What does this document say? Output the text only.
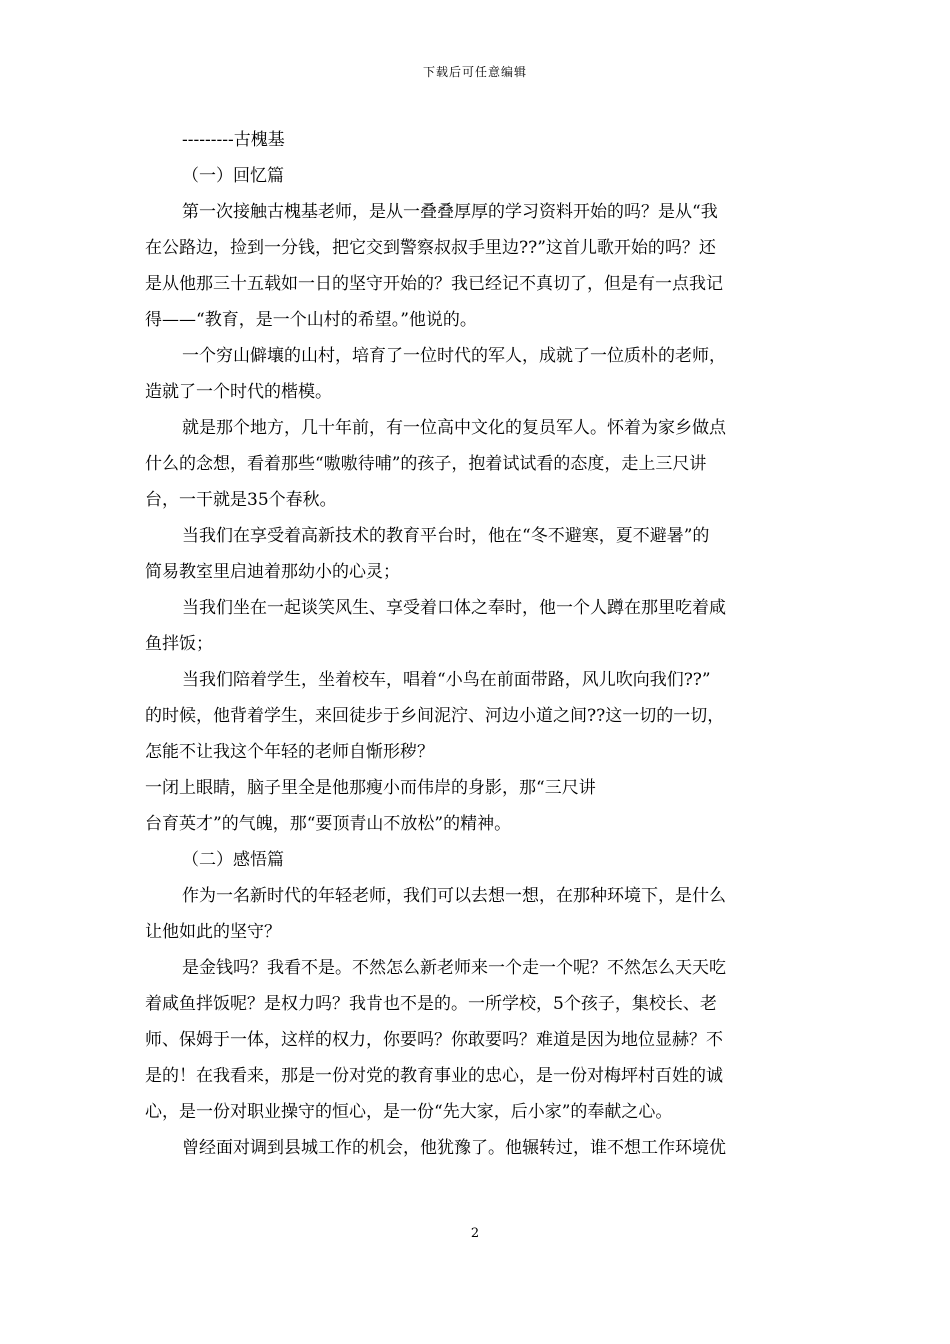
下载后可任意编辑
---------古槐基
（一）回忆篇
第一次接触古槐基老师，是从一叠叠厚厚的学习资料开始的吗？是从“我
在公路边，捡到一分钱，把它交到警察叔叔手里边??”这首儿歌开始的吗？还
是从他那三十五载如一日的坚守开始的？我已经记不真切了，但是有一点我记
得——“教育，是一个山村的希望。”他说的。
一个穷山僻壤的山村，培育了一位时代的军人，成就了一位质朴的老师，
造就了一个时代的楷模。
就是那个地方，几十年前，有一位高中文化的复员军人。怀着为家乡做点
什么的念想，看着那些“嗷嗷待哺”的孩子，抱着试试看的态度，走上三尺讲
台，一干就是35个春秋。
当我们在享受着高新技术的教育平台时，他在“冬不避寒，夏不避暑”的
简易教室里启迪着那幼小的心灵；
当我们坐在一起谈笑风生、享受着口体之奉时，他一个人蹲在那里吃着咸
鱼拌饭；
当我们陪着学生，坐着校车，唱着“小鸟在前面带路，风儿吹向我们??”
的时候，他背着学生，来回徒步于乡间泥泞、河边小道之间??这一切的一切，
怎能不让我这个年轻的老师自惭形秽？
一闭上眼睛，脑子里全是他那瘦小而伟岸的身影，那“三尺讲
台育英才”的气魄，那“要顶青山不放松”的精神。
（二）感悟篇
作为一名新时代的年轻老师，我们可以去想一想，在那种环境下，是什么
让他如此的坚守？
是金钱吗？我看不是。不然怎么新老师来一个走一个呢？不然怎么天天吃
着咸鱼拌饭呢？是权力吗？我肯也不是的。一所学校，5个孩子，集校长、老
师、保姆于一体，这样的权力，你要吗？你敢要吗？难道是因为地位显赫？不
是的！在我看来，那是一份对党的教育事业的忠心，是一份对梅坪村百姓的诚
心，是一份对职业操守的恒心，是一份“先大家，后小家”的奉献之心。
曾经面对调到县城工作的机会，他犹豫了。他辗转过，谁不想工作环境优
2
